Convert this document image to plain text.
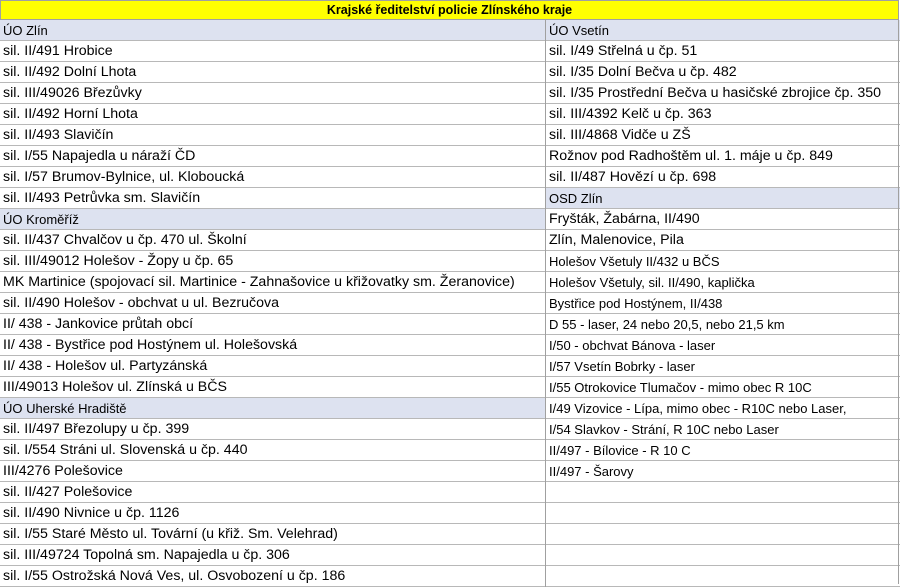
Krajské ředitelství policie Zlínského kraje
ÚO Zlín
sil. II/491 Hrobice
sil. II/492 Dolní Lhota
sil. III/49026 Březůvky
sil. II/492 Horní Lhota
sil. II/493 Slavičín
sil. I/55 Napajedla u náraží ČD
sil. I/57 Brumov-Bylnice, ul. Kloboucká
sil. II/493 Petrůvka sm. Slavičín
ÚO Kroměříž
sil. II/437 Chvalčov u čp. 470 ul. Školní
sil. III/49012 Holešov - Žopy u čp. 65
MK Martinice (spojovací sil. Martinice - Zahnašovice u křižovatky sm. Žeranovice)
sil. II/490 Holešov - obchvat u ul. Bezručova
II/ 438 - Jankovice průtah obcí
II/ 438 - Bystřice pod Hostýnem ul. Holešovská
II/ 438 - Holešov ul. Partyzánská
III/49013 Holešov ul. Zlínská u BČS
ÚO Uherské Hradiště
sil. II/497 Březolupy u čp. 399
sil. I/554 Stráni ul. Slovenská u čp. 440
III/4276 Polešovice
sil. II/427 Polešovice
sil. II/490 Nivnice u čp. 1126
sil. I/55 Staré Město ul. Tovární (u křiž. Sm. Velehrad)
sil. III/49724 Topolná sm. Napajedla u čp. 306
sil. I/55 Ostrožská Nová Ves, ul. Osvobození u čp. 186
ÚO Vsetín
sil. I/49 Střelná u čp. 51
sil. I/35 Dolní Bečva u čp. 482
sil. I/35 Prostřední Bečva u hasičské zbrojice čp. 350
sil. III/4392 Kelč u čp. 363
sil. III/4868 Vidče u ZŠ
Rožnov pod Radhoštěm ul. 1. máje u čp. 849
sil. II/487 Hovězí u čp. 698
OSD Zlín
Fryšták, Žabárna, II/490
Zlín, Malenovice, Pila
Holešov Všetuly II/432 u BČS
Holešov Všetuly, sil. II/490, kaplička
Bystřice pod Hostýnem, II/438
D 55 - laser, 24 nebo 20,5, nebo 21,5 km
I/50 - obchvat Bánova - laser
I/57 Vsetín Bobrky - laser
I/55 Otrokovice Tlumačov - mimo obec R 10C
I/49 Vizovice - Lípa, mimo obec - R10C nebo Laser,
I/54 Slavkov - Strání, R 10C nebo Laser
II/497 - Bílovice - R 10 C
II/497 - Šarovy
